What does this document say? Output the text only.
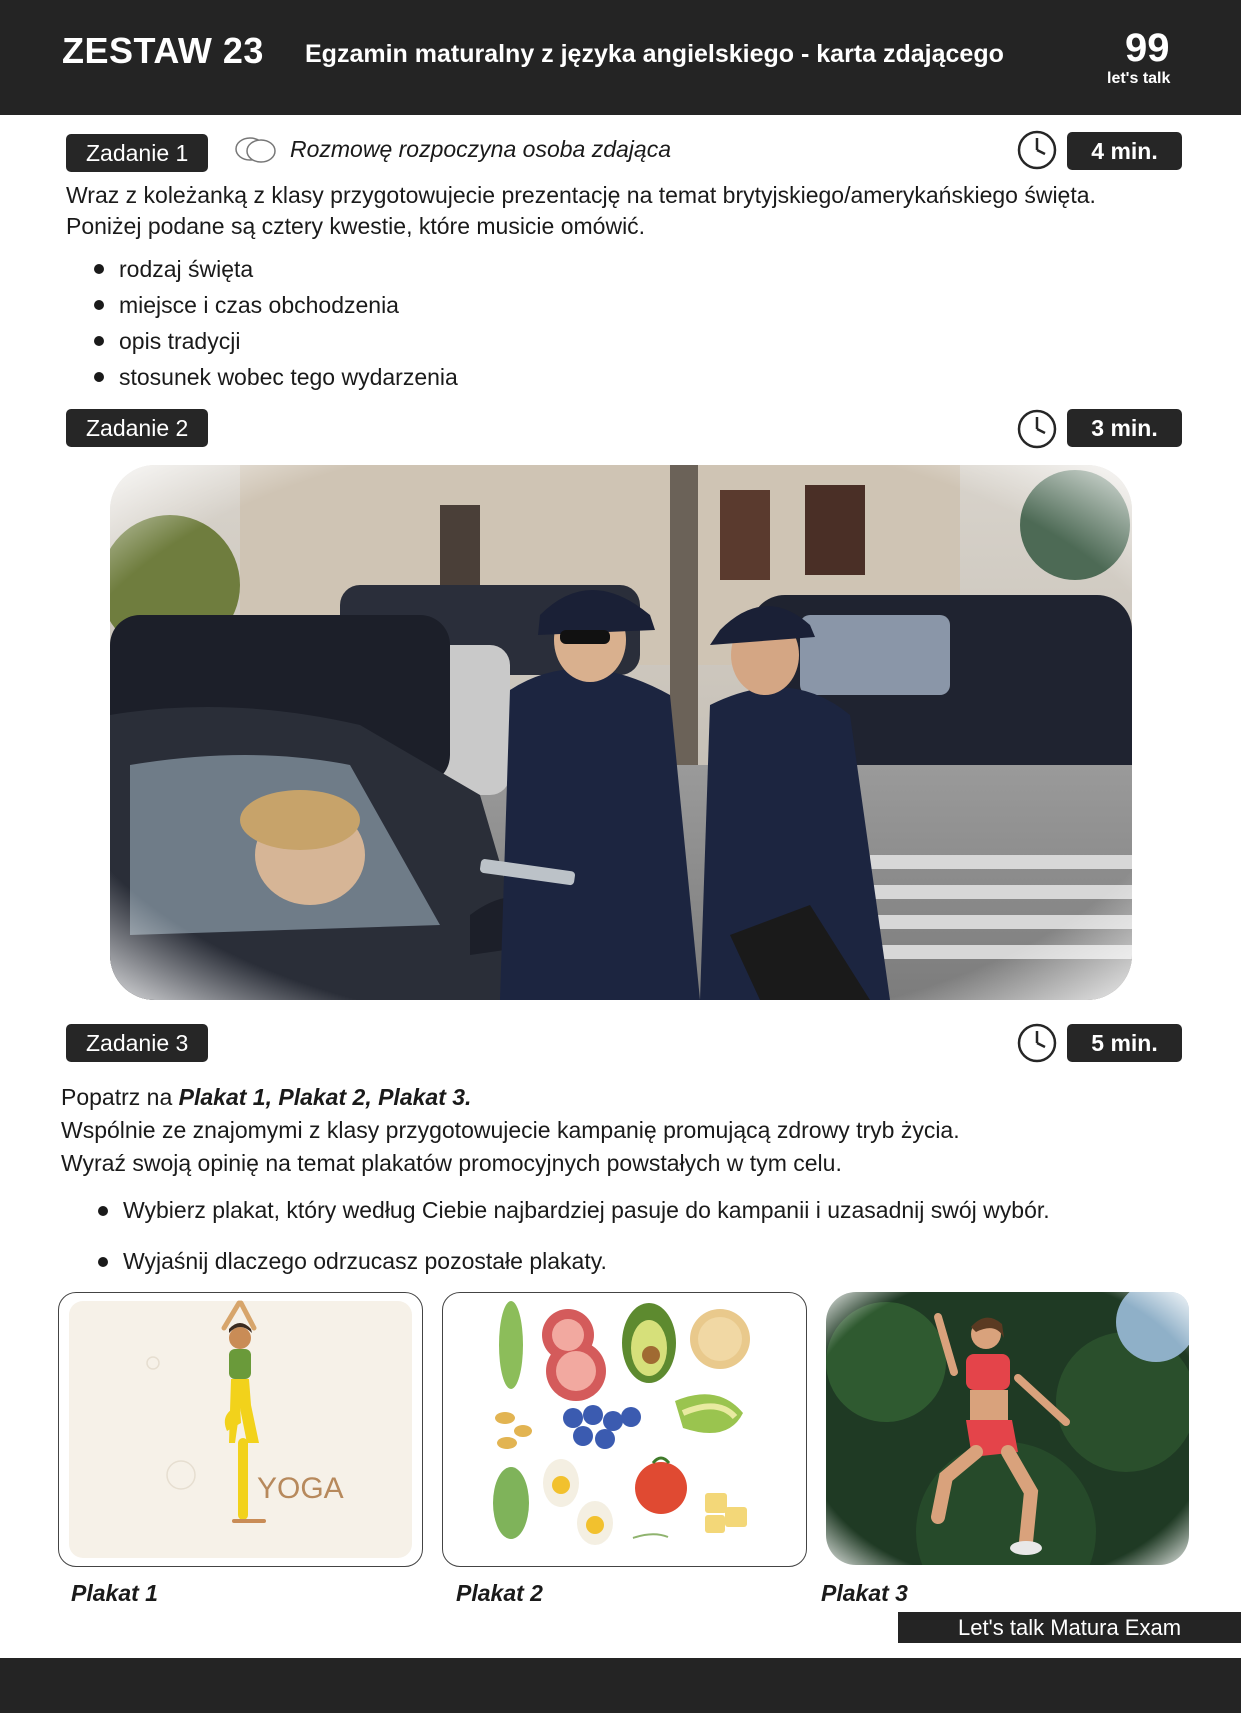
ZESTAW 23 Egzamin maturalny z języka angielskiego - karta zdającego	99
let's talk
Zadanie 1	Rozmowę rozpoczyna osoba zdająca	4 min.
Wraz z koleżanką z klasy przygotowujecie prezentację na temat brytyjskiego/amerykańskiego święta.
Poniżej podane są cztery kwestie, które musicie omówić.
rodzaj święta
miejsce i czas obchodzenia
opis tradycji
stosunek wobec tego wydarzenia
Zadanie 2	3 min.
Zadanie 3	5 min.
Popatrz na Plakat 1, Plakat 2, Plakat 3.
Wspólnie ze znajomymi z klasy przygotowujecie kampanię promującą zdrowy tryb życia.
Wyraź swoją opinię na temat plakatów promocyjnych powstałych w tym celu.
Wybierz plakat, który według Ciebie najbardziej pasuje do kampanii i uzasadnij swój wybór.
Wyjaśnij dlaczego odrzucasz pozostałe plakaty.
YOGA
Plakat 1	Plakat 2	Plakat 3
Let's talk Matura Exam
